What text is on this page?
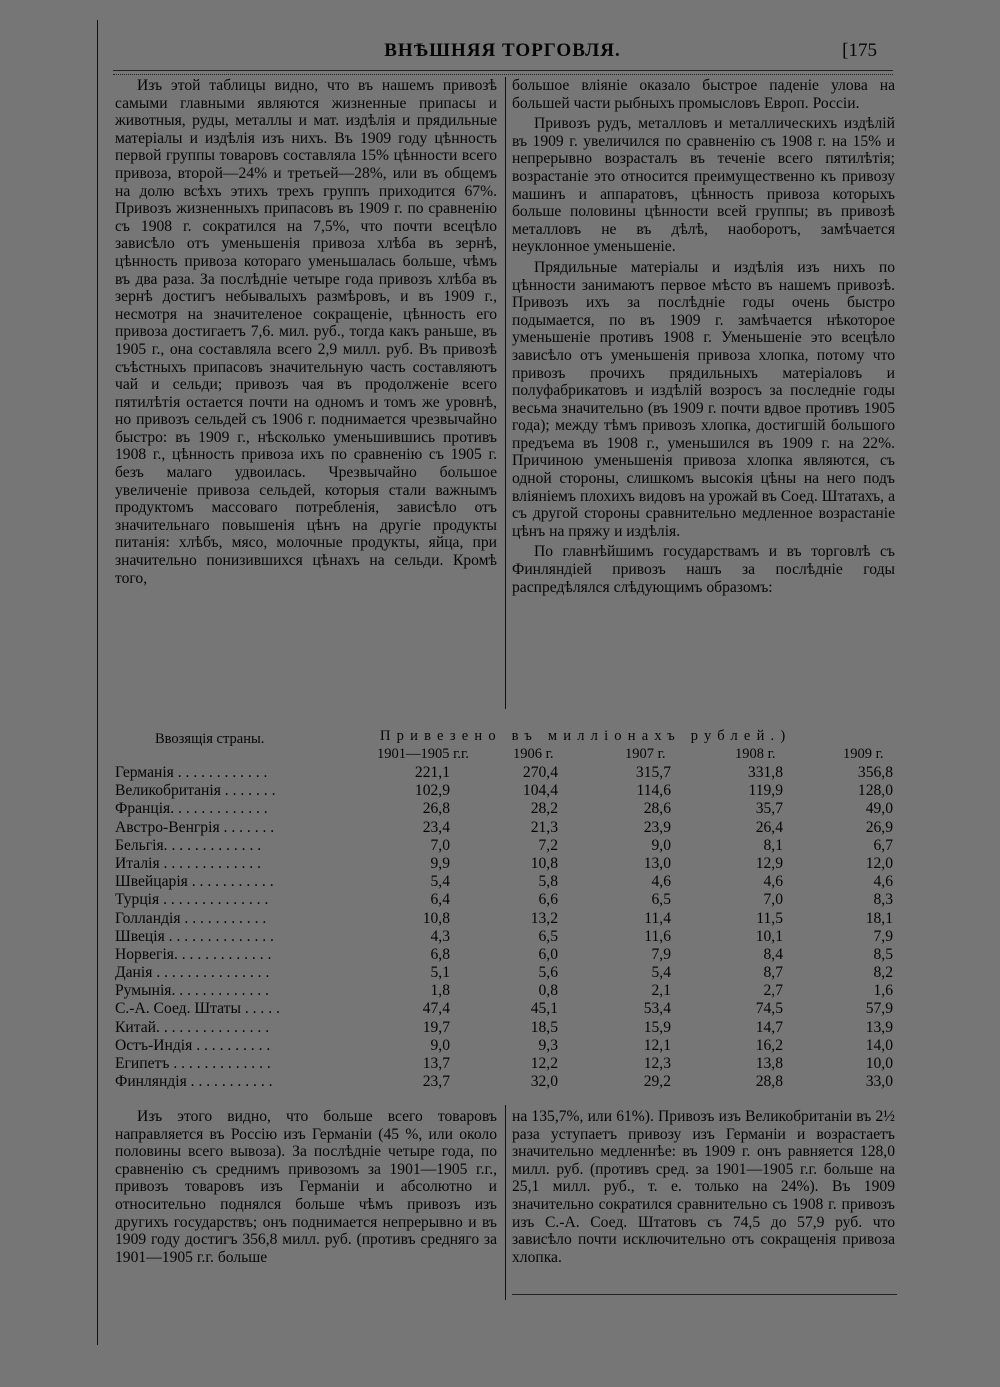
ВНѢШНЯЯ ТОРГОВЛЯ.	[175

Изъ этой таблицы видно, что въ нашемъ привозѣ самыми главными являются жизненные припасы и животныя, руды, металлы и мат. издѣлія и прядильные матеріалы и издѣлія изъ нихъ. Въ 1909 году цѣнность первой группы товаровъ составляла 15% цѣнности всего привоза, второй—24% и третьей—28%, или въ общемъ на долю всѣхъ этихъ трехъ группъ приходится 67%. Привозъ жизненныхъ припасовъ въ 1909 г. по сравненію съ 1908 г. сократился на 7,5%, что почти всецѣло зависѣло отъ уменьшенія привоза хлѣба въ зернѣ, цѣнность привоза котораго уменьшалась больше, чѣмъ въ два раза. За послѣдніе четыре года привозъ хлѣба въ зернѣ достигъ небывалыхъ размѣровъ, и въ 1909 г., несмотря на значителеное сокращеніе, цѣнность его привоза достигаетъ 7,6. мил. руб., тогда какъ раньше, въ 1905 г., она составляла всего 2,9 милл. руб. Въ привозѣ съѣстныхъ припасовъ значительную часть составляютъ чай и сельди; привозъ чая въ продолженіе всего пятилѣтія остается почти на одномъ и томъ же уровнѣ, но привозъ сельдей съ 1906 г. поднимается чрезвычайно быстро: въ 1909 г., нѣсколько уменьшившись противъ 1908 г., цѣнность привоза ихъ по сравненію съ 1905 г. безъ малаго удвоилась. Чрезвычайно большое увеличеніе привоза сельдей, которыя стали важнымъ продуктомъ массоваго потребленія, зависѣло отъ значительнаго повышенія цѣнъ на другіе продукты питанія: хлѣбъ, мясо, молочные продукты, яйца, при значительно понизившихся цѣнахъ на сельди. Кромѣ того,

большое вліяніе оказало быстрое паденіе улова на большей части рыбныхъ промысловъ Европ. Россіи.

Привозъ рудъ, металловъ и металлическихъ издѣлій въ 1909 г. увеличился по сравненію съ 1908 г. на 15% и непрерывно возрасталъ въ теченіе всего пятилѣтія; возрастаніе это относится преимущественно къ привозу машинъ и аппаратовъ, цѣнность привоза которыхъ больше половины цѣнности всей группы; въ привозѣ металловъ не въ дѣлѣ, наоборотъ, замѣчается неуклонное уменьшеніе.

Прядильные матеріалы и издѣлія изъ нихъ по цѣнности занимаютъ первое мѣсто въ нашемъ привозѣ. Привозъ ихъ за послѣдніе годы очень быстро подымается, по въ 1909 г. замѣчается нѣкоторое уменьшеніе противъ 1908 г. Уменьшеніе это всецѣло зависѣло отъ уменьшенія привоза хлопка, потому что привозъ прочихъ прядильныхъ матеріаловъ и полуфабрикатовъ и издѣлій возросъ за последніе годы весьма значительно (въ 1909 г. почти вдвое противъ 1905 года); между тѣмъ привозъ хлопка, достигшій большого предъема въ 1908 г., уменьшился въ 1909 г. на 22%. Причиною уменьшенія привоза хлопка являются, съ одной стороны, слишкомъ высокія цѣны на него подъ вліяніемъ плохихъ видовъ на урожай въ Соед. Штатахъ, а съ другой стороны сравнительно медленное возрастаніе цѣнъ на пряжу и издѣлія.

По главнѣйшимъ государствамъ и въ торговлѣ съ Финляндіей привозъ нашъ за послѣдніе годы распредѣлялся слѣдующимъ образомъ:

Ввозящія страны.	Привезено въ милліонахъ рублей.)
1901—1905 г.г.	1906 г.	1907 г.	1908 г.	1909 г.
Германія . . . . . . . . . . . .	221,1	270,4	315,7	331,8	356,8
Великобританія . . . . . . .	102,9	104,4	114,6	119,9	128,0
Франція. . . . . . . . . . . . .	26,8	28,2	28,6	35,7	49,0
Австро-Венгрія . . . . . . .	23,4	21,3	23,9	26,4	26,9
Бельгія. . . . . . . . . . . . .	7,0	7,2	9,0	8,1	6,7
Италія . . . . . . . . . . . . .	9,9	10,8	13,0	12,9	12,0
Швейцарія . . . . . . . . . . .	5,4	5,8	4,6	4,6	4,6
Турція . . . . . . . . . . . . . .	6,4	6,6	6,5	7,0	8,3
Голландія . . . . . . . . . . .	10,8	13,2	11,4	11,5	18,1
Швеція . . . . . . . . . . . . . .	4,3	6,5	11,6	10,1	7,9
Норвегія. . . . . . . . . . . . .	6,8	6,0	7,9	8,4	8,5
Данія . . . . . . . . . . . . . . .	5,1	5,6	5,4	8,7	8,2
Румынія. . . . . . . . . . . . .	1,8	0,8	2,1	2,7	1,6
С.-А. Соед. Штаты . . . . .	47,4	45,1	53,4	74,5	57,9
Китай. . . . . . . . . . . . . . .	19,7	18,5	15,9	14,7	13,9
Остъ-Индія . . . . . . . . . .	9,0	9,3	12,1	16,2	14,0
Египетъ . . . . . . . . . . . . .	13,7	12,2	12,3	13,8	10,0
Финляндія . . . . . . . . . . .	23,7	32,0	29,2	28,8	33,0

Изъ этого видно, что больше всего товаровъ направляется въ Россію изъ Германіи (45 %, или около половины всего вывоза). За послѣдніе четыре года, по сравненію съ среднимъ привозомъ за 1901—1905 г.г., привозъ товаровъ изъ Германіи и абсолютно и относительно поднялся больше чѣмъ привозъ изъ другихъ государствъ; онъ поднимается непрерывно и въ 1909 году достигъ 356,8 милл. руб. (противъ средняго за 1901—1905 г.г. больше

на 135,7%, или 61%). Привозъ изъ Великобританіи въ 2½ раза уступаетъ привозу изъ Германіи и возрастаетъ значительно медленнѣе: въ 1909 г. онъ равняется 128,0 милл. руб. (противъ сред. за 1901—1905 г.г. больше на 25,1 милл. руб., т. е. только на 24%). Въ 1909 значительно сократился сравнительно съ 1908 г. привозъ изъ С.-А. Соед. Штатовъ съ 74,5 до 57,9 руб. что зависѣло почти исключительно отъ сокращенія привоза хлопка.
